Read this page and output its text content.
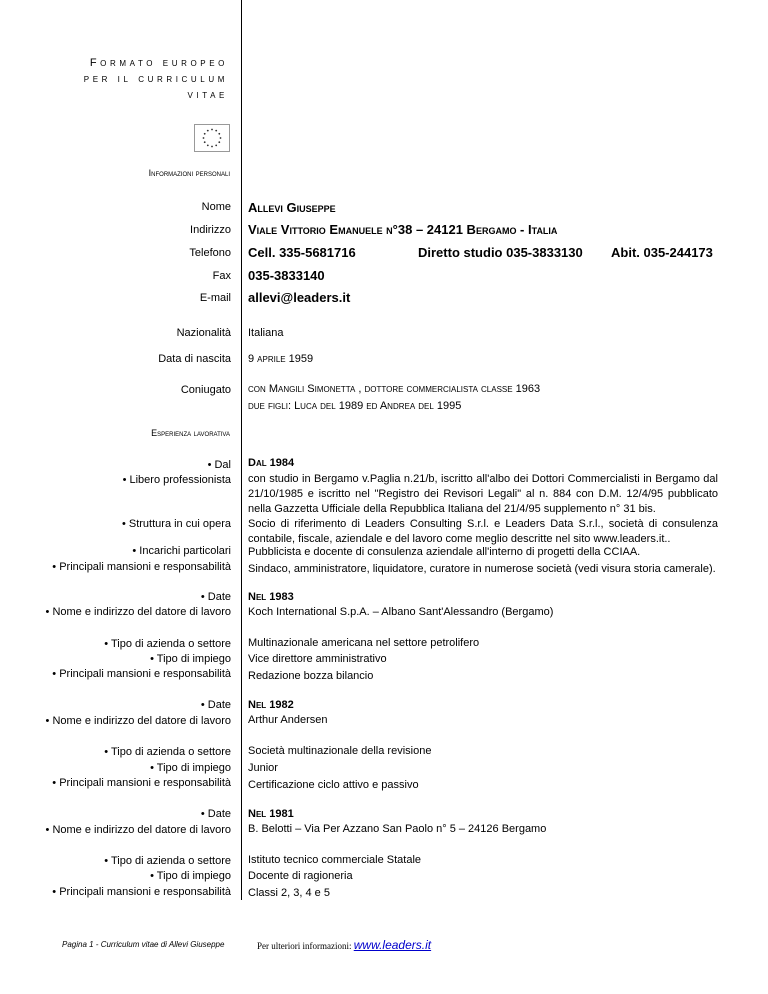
Formato europeo
per il curriculum
vitae
Informazioni personali
Nome Allevi Giuseppe
Indirizzo Viale Vittorio Emanuele n°38 – 24121 Bergamo - Italia
Telefono Cell. 335-5681716	Diretto studio 035-3833130 Abit. 035-244173
Fax 035-3833140
E-mail allevi@leaders.it
Nazionalità Italiana
Data di nascita 9 aprile 1959
Coniugato con Mangili Simonetta , dottore commercialista classe 1963
due figli: Luca del 1989 ed Andrea del 1995
Esperienza lavorativa
• Dal
• Libero professionista
• Struttura in cui opera
• Incarichi particolari
• Principali mansioni e responsabilità
Dal 1984
con studio in Bergamo v.Paglia n.21/b, iscritto all'albo dei Dottori Commercialisti in Bergamo dal 21/10/1985 e iscritto nel "Registro dei Revisori Legali" al n. 884 con D.M. 12/4/95 pubblicato nella Gazzetta Ufficiale della Repubblica Italiana del 21/4/95 supplemento n° 31 bis.
Socio di riferimento di Leaders Consulting S.r.l. e Leaders Data S.r.l., società di consulenza contabile, fiscale, aziendale e del lavoro come meglio descritte nel sito www.leaders.it..
Pubblicista e docente di consulenza aziendale all'interno di progetti della CCIAA.
Sindaco, amministratore, liquidatore, curatore in numerose società (vedi visura storia camerale).
• Date
• Nome e indirizzo del datore di lavoro
• Tipo di azienda o settore
• Tipo di impiego
• Principali mansioni e responsabilità
Nel 1983
Koch International S.p.A. – Albano Sant'Alessandro (Bergamo)
Multinazionale americana nel settore petrolifero
Vice direttore amministrativo
Redazione bozza bilancio
• Date
• Nome e indirizzo del datore di lavoro
• Tipo di azienda o settore
• Tipo di impiego
• Principali mansioni e responsabilità
Nel 1982
Arthur Andersen
Società multinazionale della revisione
Junior
Certificazione ciclo attivo e passivo
• Date
• Nome e indirizzo del datore di lavoro
• Tipo di azienda o settore
• Tipo di impiego
• Principali mansioni e responsabilità
Nel 1981
B. Belotti – Via Per Azzano San Paolo n° 5 – 24126 Bergamo
Istituto tecnico commerciale Statale
Docente di ragioneria
Classi 2, 3, 4 e 5
Pagina 1 - Curriculum vitae di Allevi Giuseppe	Per ulteriori informazioni: www.leaders.it
